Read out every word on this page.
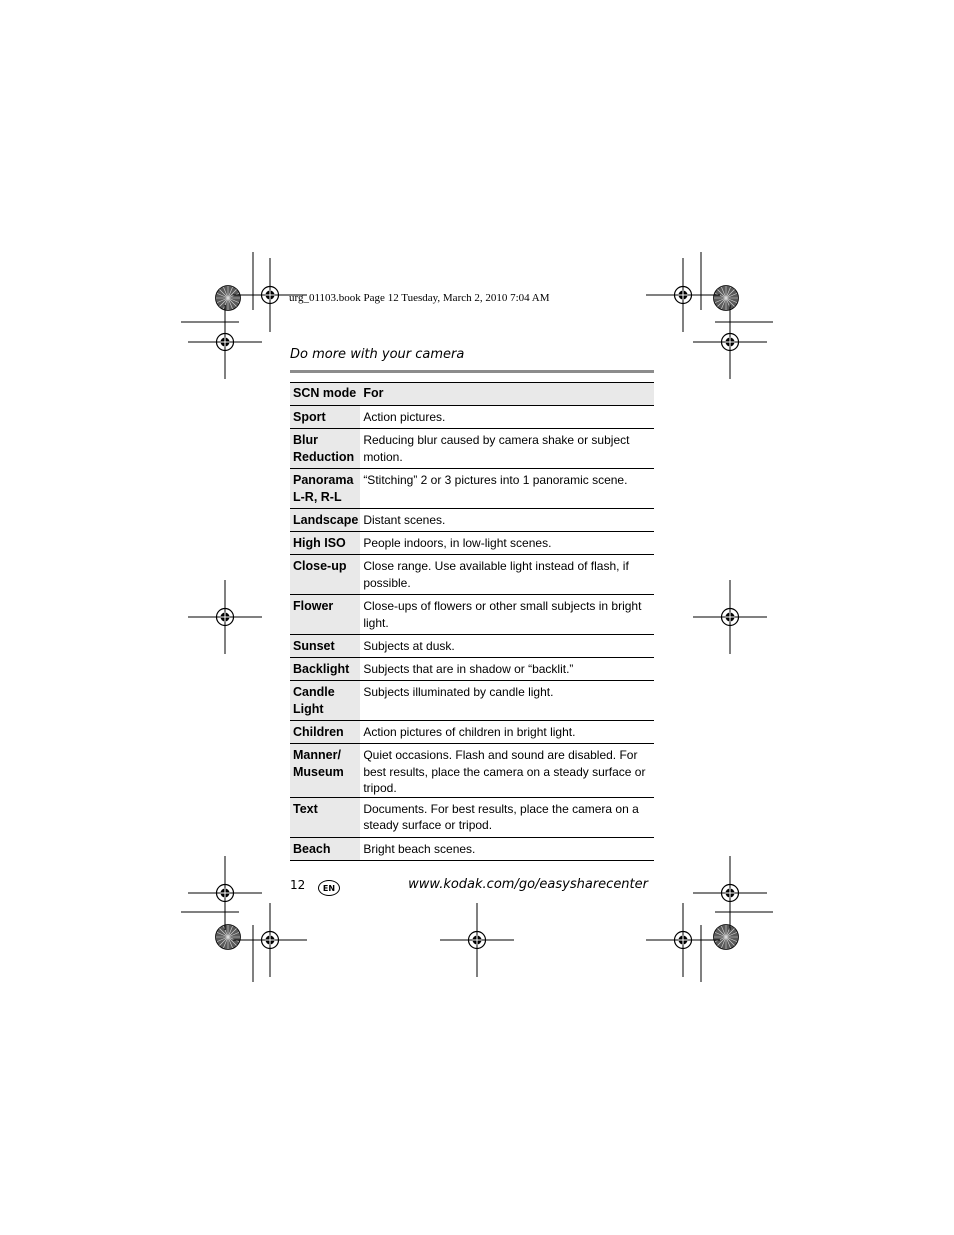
urg_01103.book Page 12 Tuesday, March 2, 2010 7:04 AM
Do more with your camera
SCN mode	For
Sport	Action pictures.
Blur Reduction	Reducing blur caused by camera shake or subject motion.
Panorama L-R, R-L	“Stitching” 2 or 3 pictures into 1 panoramic scene.
Landscape	Distant scenes.
High ISO	People indoors, in low-light scenes.
Close-up	Close range. Use available light instead of flash, if possible.
Flower	Close-ups of flowers or other small subjects in bright light.
Sunset	Subjects at dusk.
Backlight	Subjects that are in shadow or “backlit.”
Candle Light	Subjects illuminated by candle light.
Children	Action pictures of children in bright light.
Manner/ Museum	Quiet occasions. Flash and sound are disabled. For best results, place the camera on a steady surface or tripod.
Text	Documents. For best results, place the camera on a steady surface or tripod.
Beach	Bright beach scenes.
12	EN	www.kodak.com/go/easysharecenter
